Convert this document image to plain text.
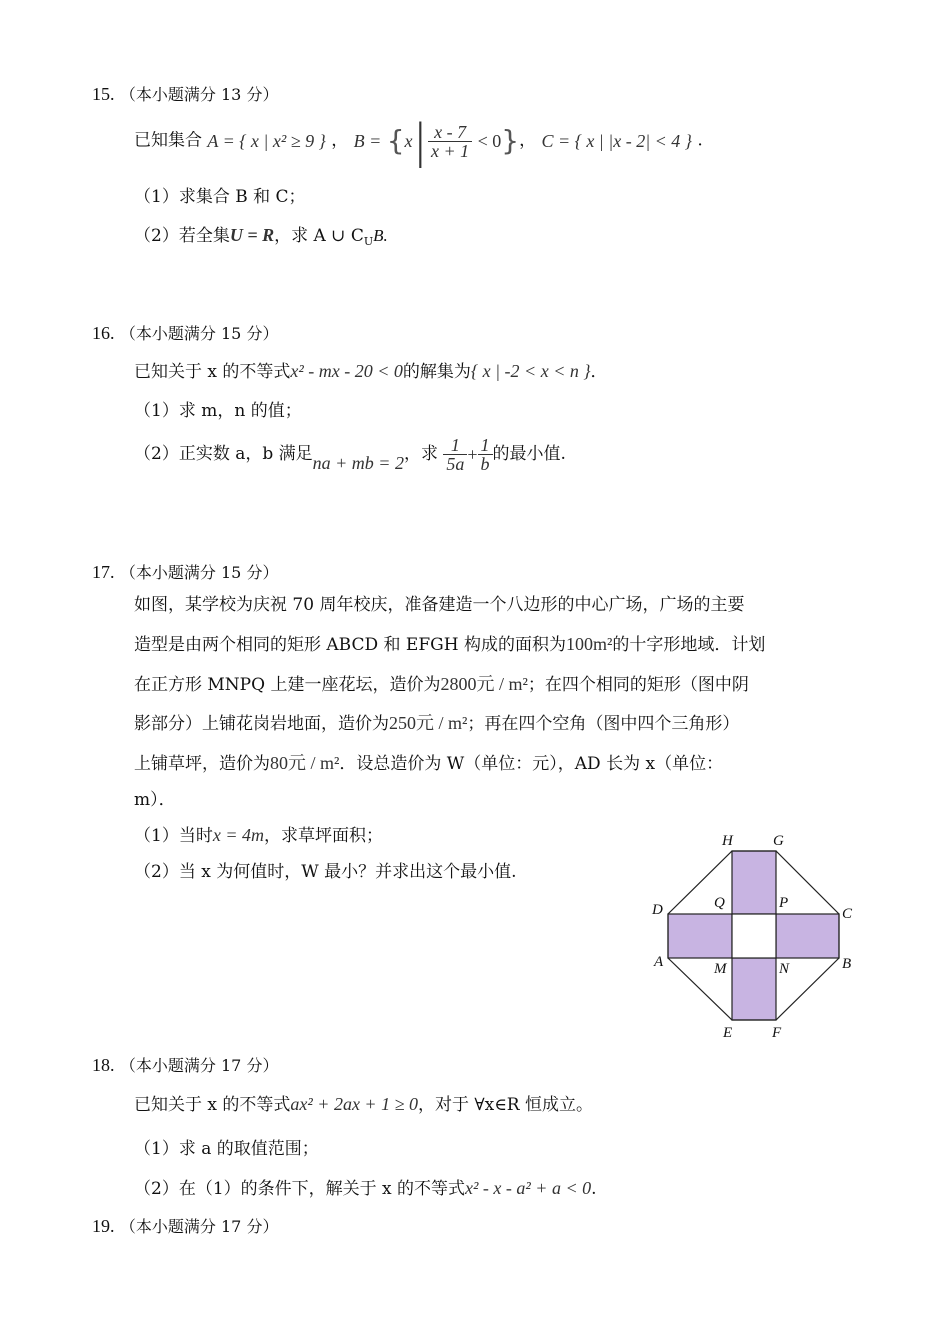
15. （本小题满分 13 分）
已知集合 A = { x | x² ≥ 9 } ， $B = \{x| \frac{x - 7}{x + 1} < 0\}$， C = { x | |x - 2| < 4 } .
（1）求集合 B 和 C；
（2）若全集U = R，求 A ∪ $C_UB$.
16. （本小题满分 15 分）
已知关于 x 的不等式x² - mx - 20 < 0的解集为{ x | -2 < x < n }．
（1）求 m，n 的值；
（2）正实数 a，b 满足na + mb = 2，求 $\frac{1}{5a} + \frac{1}{b}$ 的最小值.
17. （本小题满分 15 分）
如图，某学校为庆祝 70 周年校庆，准备建造一个八边形的中心广场，广场的主要
造型是由两个相同的矩形 ABCD 和 EFGH 构成的面积为100m²的十字形地域．计划
在正方形 MNPQ 上建一座花坛，造价为2800元 / m²；在四个相同的矩形（图中阴
影部分）上铺花岗岩地面，造价为250元 / m²；再在四个空角（图中四个三角形）
上铺草坪，造价为80元 / m²．设总造价为 W（单位：元），AD 长为 x（单位：
m）．
（1）当时x = 4m，求草坪面积；
（2）当 x 为何值时，W 最小？并求出这个最小值.
H	G
D	C
Q	P
A	B
M	N
E	F
18. （本小题满分 17 分）
已知关于 x 的不等式ax² + 2ax + 1 ≥ 0，对于 ∀x∈R 恒成立。
（1）求 a 的取值范围；
（2）在（1）的条件下，解关于 x 的不等式x² - x - a² + a < 0.
19. （本小题满分 17 分）
